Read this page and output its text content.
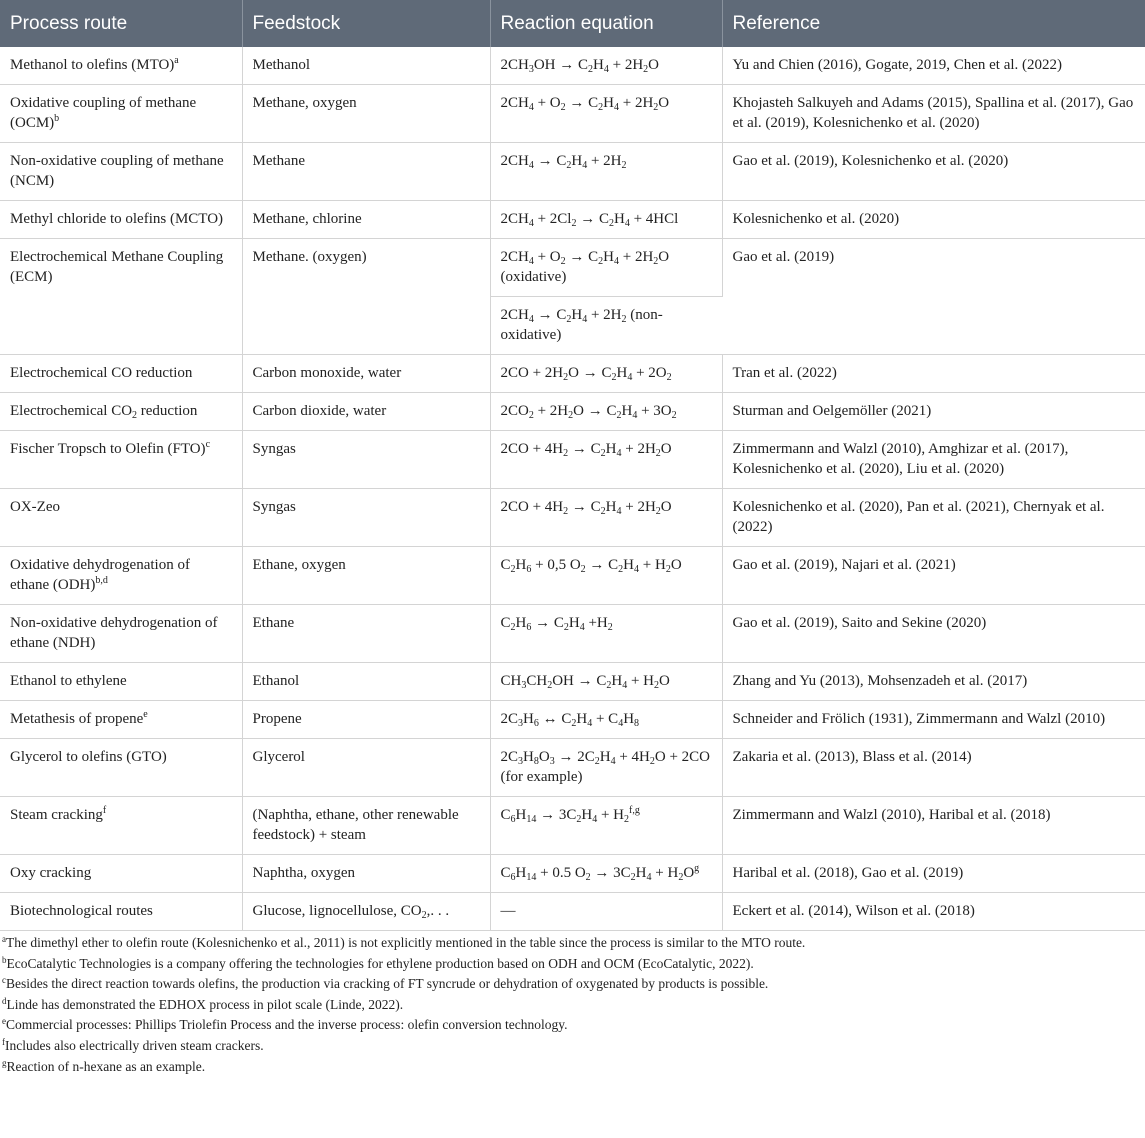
Process route	Feedstock	Reaction equation	Reference
Methanol to olefins (MTO)$^a$	Methanol	$2CH_3OH \to C_2H_4 + 2H_2O$	Yu and Chien (2016), Gogate, 2019, Chen et al. (2022)
Oxidative coupling of methane (OCM)$^b$	Methane, oxygen	$2CH_4 + O_2 \to C_2H_4 + 2H_2O$	Khojasteh Salkuyeh and Adams (2015), Spallina et al. (2017), Gao et al. (2019), Kolesnichenko et al. (2020)
Non-oxidative coupling of methane (NCM)	Methane	$2CH_4 \to C_2H_4 + 2H_2$	Gao et al. (2019), Kolesnichenko et al. (2020)
Methyl chloride to olefins (MCTO)	Methane, chlorine	$2CH_4 + 2Cl_2 \to C_2H_4 + 4HCl$	Kolesnichenko et al. (2020)
Electrochemical Methane Coupling (ECM)	Methane. (oxygen)	$2CH_4 + O_2 \to C_2H_4 + 2H_2O$ (oxidative)	Gao et al. (2019)
		$2CH_4 \to C_2H_4 + 2H_2$ (non-oxidative)	
Electrochemical CO reduction	Carbon monoxide, water	$2CO + 2H_2O \to C_2H_4 + 2O_2$	Tran et al. (2022)
Electrochemical $CO_2$ reduction	Carbon dioxide, water	$2CO_2 + 2H_2O \to C_2H_4 + 3O_2$	Sturman and Oelgemöller (2021)
Fischer Tropsch to Olefin (FTO)$^c$	Syngas	$2CO + 4H_2 \to C_2H_4 + 2H_2O$	Zimmermann and Walzl (2010), Amghizar et al. (2017), Kolesnichenko et al. (2020), Liu et al. (2020)
OX-Zeo	Syngas	$2CO + 4H_2 \to C_2H_4 + 2H_2O$	Kolesnichenko et al. (2020), Pan et al. (2021), Chernyak et al. (2022)
Oxidative dehydrogenation of ethane (ODH)$^{b,d}$	Ethane, oxygen	$C_2H_6 + 0,5$ $O_2 \to C_2H_4 + H_2O$	Gao et al. (2019), Najari et al. (2021)
Non-oxidative dehydrogenation of ethane (NDH)	Ethane	$C_2H_6 \to C_2H_4 +H_2$	Gao et al. (2019), Saito and Sekine (2020)
Ethanol to ethylene	Ethanol	$CH_3CH_2OH \to C_2H_4 + H_2O$	Zhang and Yu (2013), Mohsenzadeh et al. (2017)
Metathesis of propene$^e$	Propene	$2C_3H_6$ ↔ $C_2H_4 + C_4H_8$	Schneider and Frölich (1931), Zimmermann and Walzl (2010)
Glycerol to olefins (GTO)	Glycerol	$2C_3H_8O_3 \to 2C_2H_4 + 4H_2O + 2CO$ (for example)	Zakaria et al. (2013), Blass et al. (2014)
Steam cracking$^f$	(Naphtha, ethane, other renewable feedstock) + steam	$C_6H_{14} \to 3C_2H_4 + H_2^{f,g}$	Zimmermann and Walzl (2010), Haribal et al. (2018)
Oxy cracking	Naphtha, oxygen	$C_6H_{14} + 0.5$ $O_2 \to 3C_2H_4 + H_2O^g$	Haribal et al. (2018), Gao et al. (2019)
Biotechnological routes	Glucose, lignocellulose, $CO_2$,. . .	—	Eckert et al. (2014), Wilson et al. (2018)
$^a$The dimethyl ether to olefin route (Kolesnichenko et al., 2011) is not explicitly mentioned in the table since the process is similar to the MTO route.
$^b$EcoCatalytic Technologies is a company offering the technologies for ethylene production based on ODH and OCM (EcoCatalytic, 2022).
$^c$Besides the direct reaction towards olefins, the production via cracking of FT syncrude or dehydration of oxygenated by products is possible.
$^d$Linde has demonstrated the EDHOX process in pilot scale (Linde, 2022).
$^e$Commercial processes: Phillips Triolefin Process and the inverse process: olefin conversion technology.
$^f$Includes also electrically driven steam crackers.
$^g$Reaction of n-hexane as an example.
